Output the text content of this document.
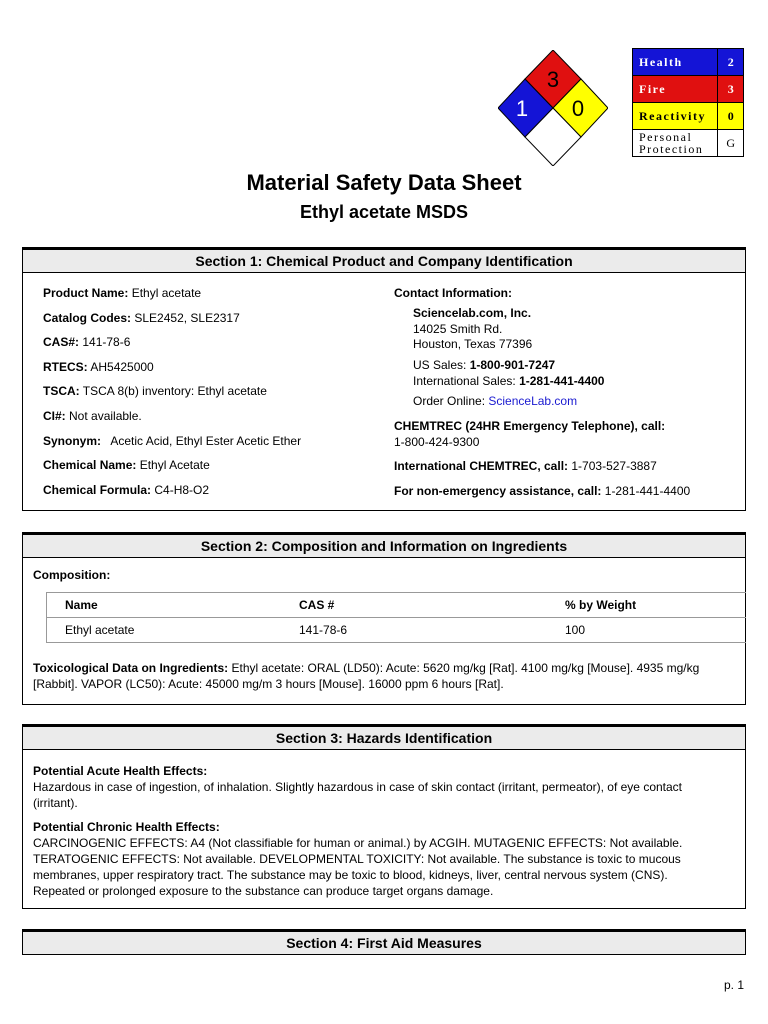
3
1 0
Health	2
Fire	3
Reactivity	0
Personal Protection	G
Material Safety Data Sheet
Ethyl acetate MSDS
Section 1: Chemical Product and Company Identification
Product Name: Ethyl acetate
Catalog Codes: SLE2452, SLE2317
CAS#: 141-78-6
RTECS: AH5425000
TSCA: TSCA 8(b) inventory: Ethyl acetate
CI#: Not available.
Synonym: Acetic Acid, Ethyl Ester Acetic Ether
Chemical Name: Ethyl Acetate
Chemical Formula: C4-H8-O2
Contact Information:
Sciencelab.com, Inc.
14025 Smith Rd.
Houston, Texas 77396
US Sales: 1-800-901-7247
International Sales: 1-281-441-4400
Order Online: ScienceLab.com
CHEMTREC (24HR Emergency Telephone), call:
1-800-424-9300
International CHEMTREC, call: 1-703-527-3887
For non-emergency assistance, call: 1-281-441-4400
Section 2: Composition and Information on Ingredients
Composition:
Name	CAS #	% by Weight
Ethyl acetate	141-78-6	100
Toxicological Data on Ingredients: Ethyl acetate: ORAL (LD50): Acute: 5620 mg/kg [Rat]. 4100 mg/kg [Mouse]. 4935 mg/kg
[Rabbit]. VAPOR (LC50): Acute: 45000 mg/m 3 hours [Mouse]. 16000 ppm 6 hours [Rat].
Section 3: Hazards Identification
Potential Acute Health Effects:
Hazardous in case of ingestion, of inhalation. Slightly hazardous in case of skin contact (irritant, permeator), of eye contact
(irritant).
Potential Chronic Health Effects:
CARCINOGENIC EFFECTS: A4 (Not classifiable for human or animal.) by ACGIH. MUTAGENIC EFFECTS: Not available.
TERATOGENIC EFFECTS: Not available. DEVELOPMENTAL TOXICITY: Not available. The substance is toxic to mucous
membranes, upper respiratory tract. The substance may be toxic to blood, kidneys, liver, central nervous system (CNS).
Repeated or prolonged exposure to the substance can produce target organs damage.
Section 4: First Aid Measures
p. 1
